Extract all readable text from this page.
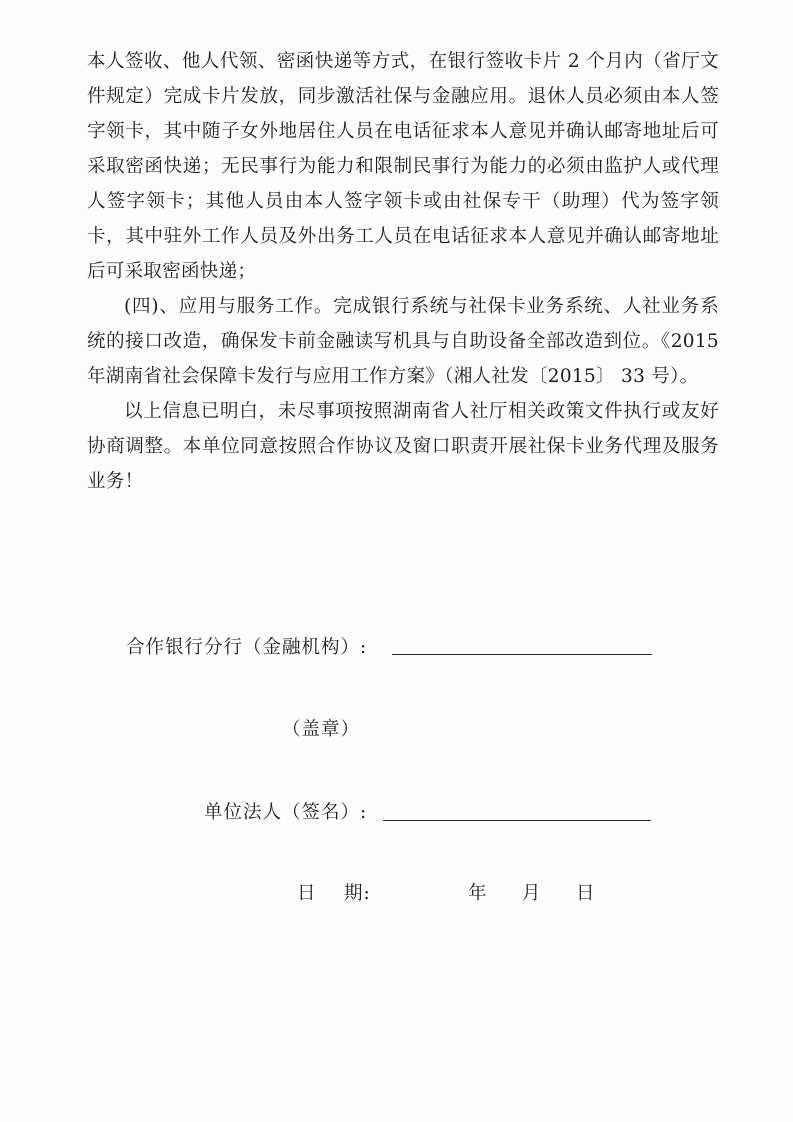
本人签收、他人代领、密函快递等方式，在银行签收卡片 2 个月内（省厅文件规定）完成卡片发放，同步激活社保与金融应用。退休人员必须由本人签字领卡，其中随子女外地居住人员在电话征求本人意见并确认邮寄地址后可采取密函快递；无民事行为能力和限制民事行为能力的必须由监护人或代理人签字领卡；其他人员由本人签字领卡或由社保专干（助理）代为签字领卡，其中驻外工作人员及外出务工人员在电话征求本人意见并确认邮寄地址后可采取密函快递；

(四)、应用与服务工作。完成银行系统与社保卡业务系统、人社业务系统的接口改造，确保发卡前金融读写机具与自助设备全部改造到位。《2015 年湖南省社会保障卡发行与应用工作方案》（湘人社发〔2015〕 33 号）。

以上信息已明白，未尽事项按照湖南省人社厅相关政策文件执行或友好协商调整。本单位同意按照合作协议及窗口职责开展社保卡业务代理及服务业务！

合作银行分行（金融机构）:
（盖章）
单位法人（签名）:
日    期:	年 月 日
